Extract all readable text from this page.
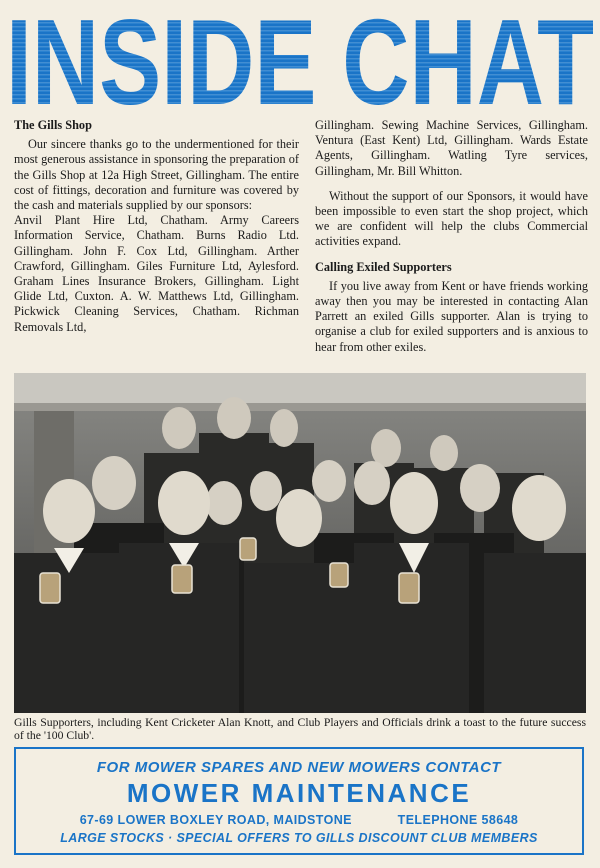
INSIDE CHAT
The Gills Shop

Our sincere thanks go to the undermentioned for their most generous assistance in sponsoring the preparation of the Gills Shop at 12a High Street, Gillingham. The entire cost of fittings, decoration and furniture was covered by the cash and materials supplied by our sponsors:

Anvil Plant Hire Ltd, Chatham. Army Careers Information Service, Chatham. Burns Radio Ltd. Gillingham. John F. Cox Ltd, Gillingham. Arther Crawford, Gillingham. Giles Furniture Ltd, Aylesford. Graham Lines Insurance Brokers, Gillingham. Light Glide Ltd, Cuxton. A. W. Matthews Ltd, Gillingham. Pickwick Cleaning Services, Chatham. Richman Removals Ltd,

Gillingham. Sewing Machine Services, Gillingham. Ventura (East Kent) Ltd, Gillingham. Wards Estate Agents, Gillingham. Watling Tyre services, Gillingham, Mr. Bill Whitton.

Without the support of our Sponsors, it would have been impossible to even start the shop project, which we are confident will help the clubs Commercial activities expand.

Calling Exiled Supporters

If you live away from Kent or have friends working away then you may be interested in contacting Alan Parrett an exiled Gills supporter. Alan is trying to organise a club for exiled supporters and is anxious to hear from other exiles.

Gills Supporters, including Kent Cricketer Alan Knott, and Club Players and Officials drink a toast to the future success of the '100 Club'.
FOR MOWER SPARES AND NEW MOWERS CONTACT
MOWER MAINTENANCE
67-69 LOWER BOXLEY ROAD, MAIDSTONE	TELEPHONE 58648
LARGE STOCKS · SPECIAL OFFERS TO GILLS DISCOUNT CLUB MEMBERS
